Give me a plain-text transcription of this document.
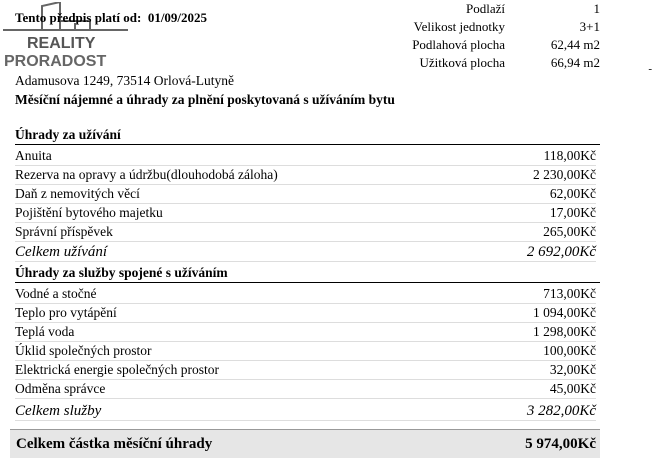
REALITY
PRORADOST
Tento předpis platí od: 01/09/2025
Podlaží	1
Velikost jednotky	3+1
Podlahová plocha	62,44 m2
Užitková plocha	66,94 m2	-
Adamusova 1249, 73514 Orlová-Lutyně
Měsíční nájemné a úhrady za plnění poskytovaná s užíváním bytu
Úhrady za užívání
Anuita	118,00Kč
Rezerva na opravy a údržbu(dlouhodobá záloha)	2 230,00Kč
Daň z nemovitých věcí	62,00Kč
Pojištění bytového majetku	17,00Kč
Správní příspěvek	265,00Kč
Celkem užívání	2 692,00Kč
Úhrady za služby spojené s užíváním
Vodné a stočné	713,00Kč
Teplo pro vytápění	1 094,00Kč
Teplá voda	1 298,00Kč
Úklid společných prostor	100,00Kč
Elektrická energie společných prostor	32,00Kč
Odměna správce	45,00Kč
Celkem služby	3 282,00Kč
Celkem částka měsíční úhrady	5 974,00Kč
